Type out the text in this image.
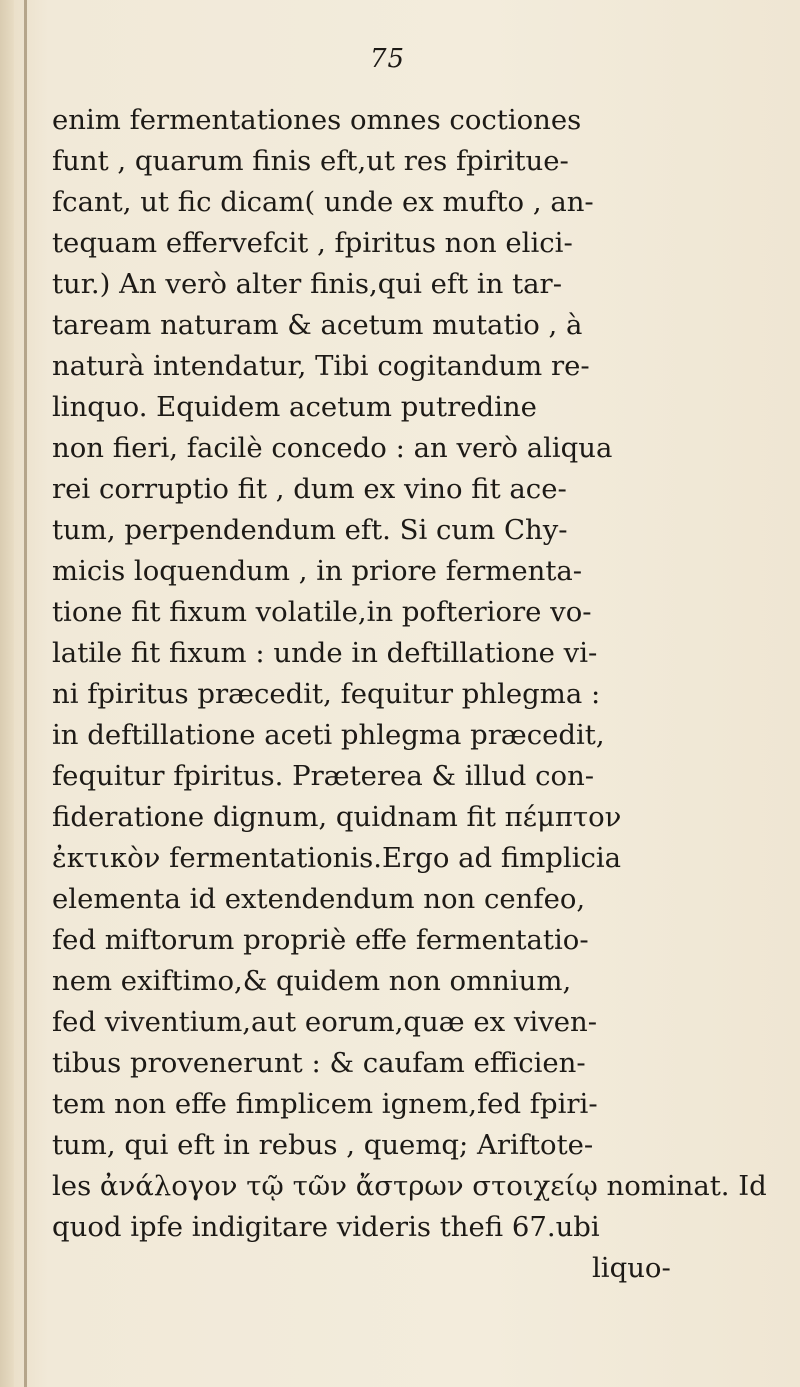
75
enim fermentationes omnes coctiones
funt , quarum finis eft,ut res fpiritue-
fcant, ut fic dicam( unde ex mufto , an-
tequam effervefcit , fpiritus non elici-
tur.) An verò alter finis,qui eft in tar-
taream naturam & acetum mutatio , à
naturà intendatur, Tibi cogitandum re-
linquo. Equidem acetum putredine
non fieri, facilè concedo : an verò aliqua
rei corruptio fit , dum ex vino fit ace-
tum, perpendendum eft. Si cum Chy-
micis loquendum , in priore fermenta-
tione fit fixum volatile,in pofteriore vo-
latile fit fixum : unde in deftillatione vi-
ni fpiritus præcedit, fequitur phlegma :
in deftillatione aceti phlegma præcedit,
fequitur fpiritus. Præterea & illud con-
fideratione dignum, quidnam fit πέμπτον
ἐκτικὸν fermentationis.Ergo ad fimplicia
elementa id extendendum non cenfeo,
fed miftorum propriè effe fermentatio-
nem exiftimo,& quidem non omnium,
fed viventium,aut eorum,quæ ex viven-
tibus provenerunt : & caufam efficien-
tem non effe fimplicem ignem,fed fpiri-
tum, qui eft in rebus , quemq; Ariftote-
les ἀνάλογον τῷ τῶν ἄστρων στοιχείῳ nominat. Id
quod ipfe indigitare videris thefi 67.ubi
liquo-
